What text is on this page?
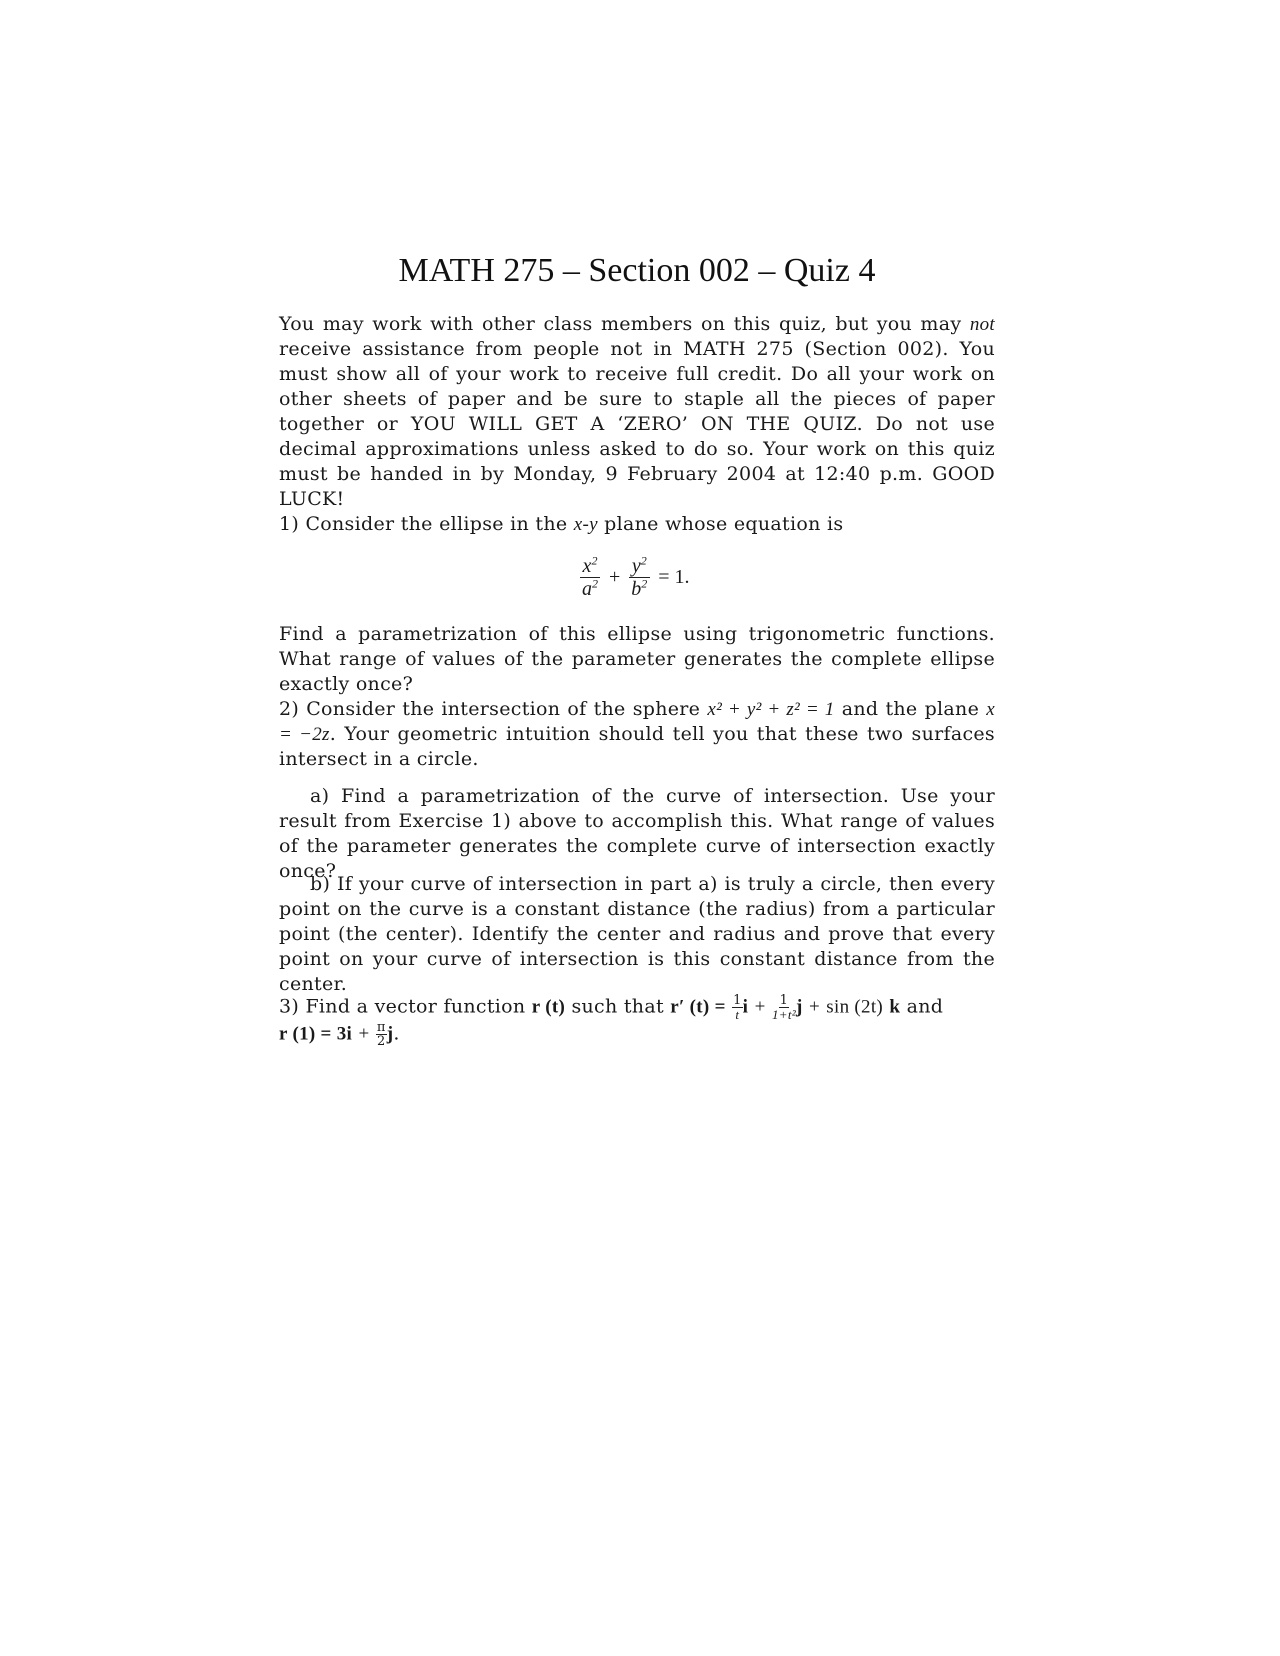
MATH 275 – Section 002 – Quiz 4
You may work with other class members on this quiz, but you may not receive assistance from people not in MATH 275 (Section 002). You must show all of your work to receive full credit. Do all your work on other sheets of paper and be sure to staple all the pieces of paper together or YOU WILL GET A ‘ZERO’ ON THE QUIZ. Do not use decimal approximations unless asked to do so. Your work on this quiz must be handed in by Monday, 9 February 2004 at 12:40 p.m. GOOD LUCK!
1) Consider the ellipse in the x-y plane whose equation is
$\frac{x^2}{a^2} + \frac{y^2}{b^2} = 1$.
Find a parametrization of this ellipse using trigonometric functions. What range of values of the parameter generates the complete ellipse exactly once?
2) Consider the intersection of the sphere x² + y² + z² = 1 and the plane x = −2z. Your geometric intuition should tell you that these two surfaces intersect in a circle.
a) Find a parametrization of the curve of intersection. Use your result from Exercise 1) above to accomplish this. What range of values of the parameter generates the complete curve of intersection exactly once?
b) If your curve of intersection in part a) is truly a circle, then every point on the curve is a constant distance (the radius) from a particular point (the center). Identify the center and radius and prove that every point on your curve of intersection is this constant distance from the center.
3) Find a vector function r (t) such that r′ $(t) = \frac{1}{t}$ $i + \frac{1}{\text{1+t²}}$ j + sin (2t) k and
r $(1) = 3i + \frac{\pi}{2} j$.
